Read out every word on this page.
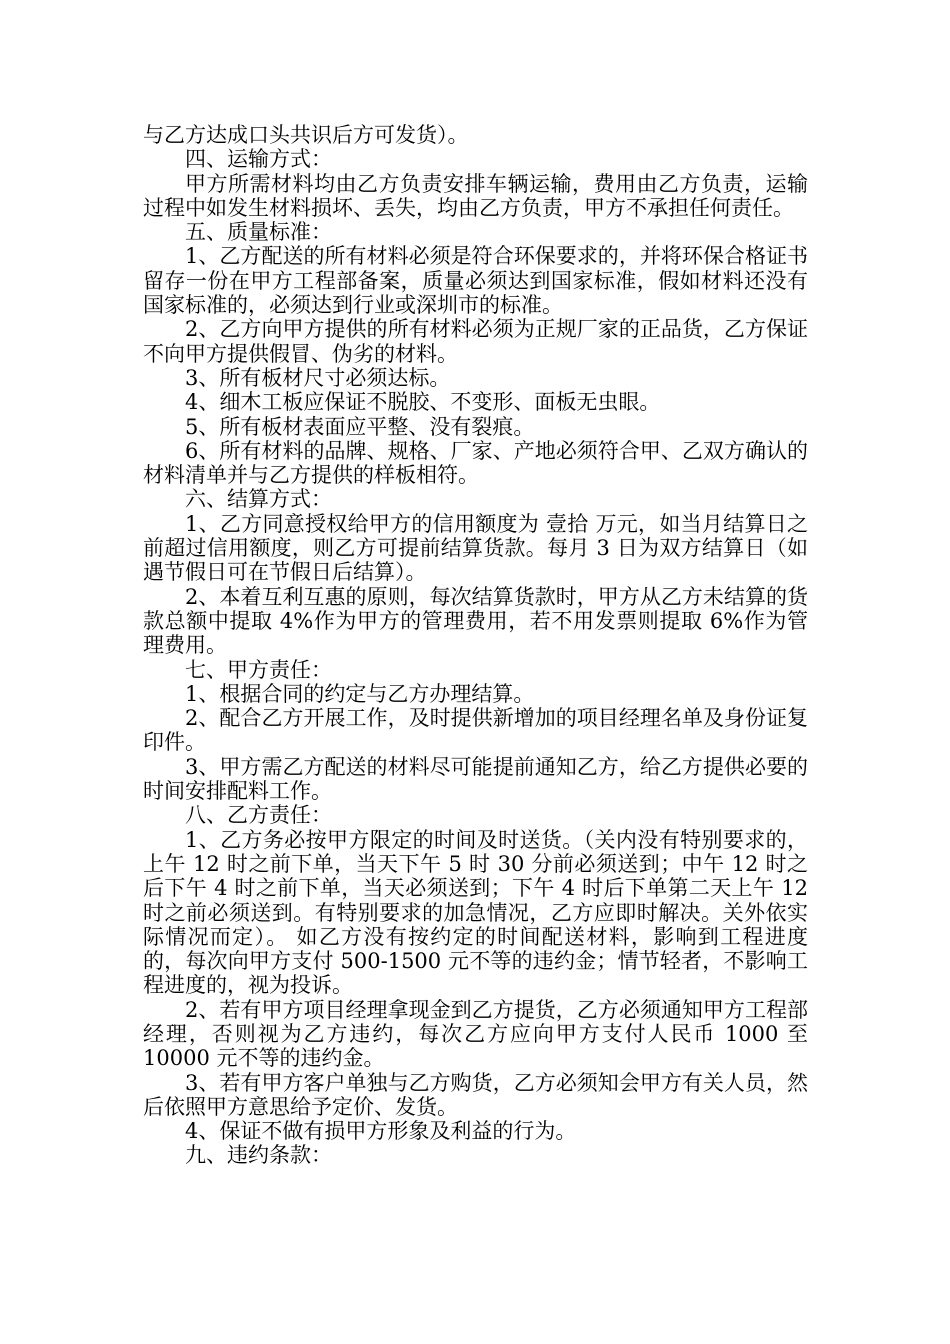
与乙方达成口头共识后方可发货）。

四、运输方式：

甲方所需材料均由乙方负责安排车辆运输，费用由乙方负责，运输过程中如发生材料损坏、丢失，均由乙方负责，甲方不承担任何责任。

五、质量标准：

1、乙方配送的所有材料必须是符合环保要求的，并将环保合格证书留存一份在甲方工程部备案，质量必须达到国家标准，假如材料还没有国家标准的，必须达到行业或深圳市的标准。

2、乙方向甲方提供的所有材料必须为正规厂家的正品货，乙方保证不向甲方提供假冒、伪劣的材料。

3、所有板材尺寸必须达标。

4、细木工板应保证不脱胶、不变形、面板无虫眼。

5、所有板材表面应平整、没有裂痕。

6、所有材料的品牌、规格、厂家、产地必须符合甲、乙双方确认的材料清单并与乙方提供的样板相符。

六、结算方式：

1、乙方同意授权给甲方的信用额度为 壹拾 万元，如当月结算日之前超过信用额度，则乙方可提前结算货款。每月 3 日为双方结算日（如遇节假日可在节假日后结算）。

2、本着互利互惠的原则，每次结算货款时，甲方从乙方未结算的货款总额中提取 4%作为甲方的管理费用，若不用发票则提取 6%作为管理费用。

七、甲方责任：

1、根据合同的约定与乙方办理结算。

2、配合乙方开展工作，及时提供新增加的项目经理名单及身份证复印件。

3、甲方需乙方配送的材料尽可能提前通知乙方，给乙方提供必要的时间安排配料工作。

八、乙方责任：

1、乙方务必按甲方限定的时间及时送货。（关内没有特别要求的，上午 12 时之前下单，当天下午 5 时 30 分前必须送到；中午 12 时之后下午 4 时之前下单，当天必须送到；下午 4 时后下单第二天上午 12 时之前必须送到。有特别要求的加急情况，乙方应即时解决。关外依实际情况而定）。 如乙方没有按约定的时间配送材料，影响到工程进度的，每次向甲方支付 500-1500 元不等的违约金；情节轻者，不影响工程进度的，视为投诉。

2、若有甲方项目经理拿现金到乙方提货，乙方必须通知甲方工程部经理，否则视为乙方违约，每次乙方应向甲方支付人民币 1000 至 10000 元不等的违约金。

3、若有甲方客户单独与乙方购货，乙方必须知会甲方有关人员，然后依照甲方意思给予定价、发货。

4、保证不做有损甲方形象及利益的行为。

九、违约条款：
